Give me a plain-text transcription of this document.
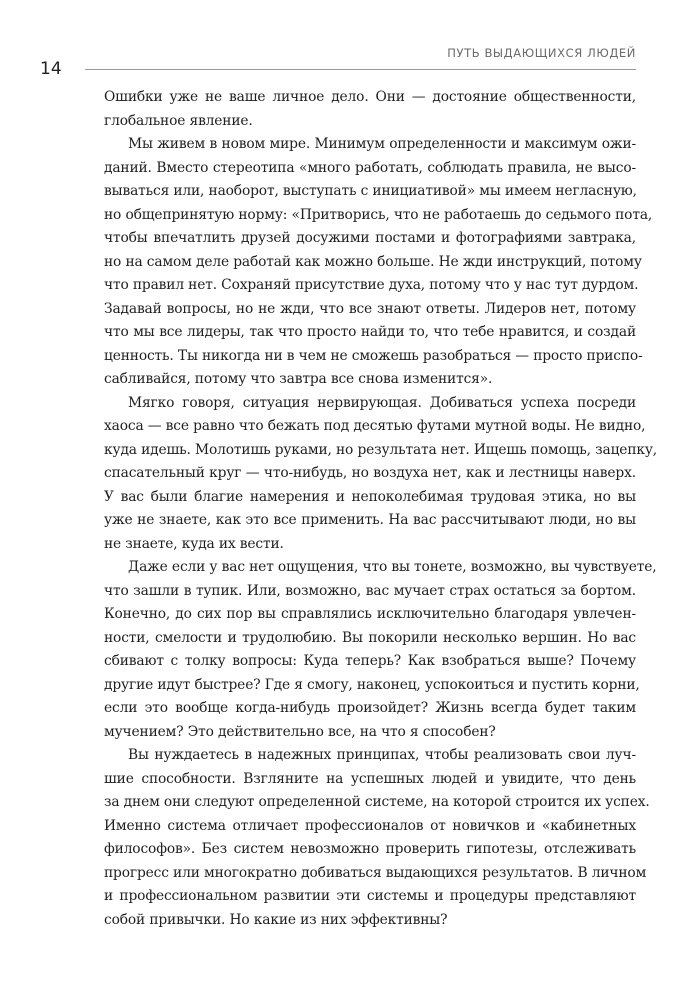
14
ПУТЬ ВЫДАЮЩИХСЯ ЛЮДЕЙ
Ошибки уже не ваше личное дело. Они — достояние общественности,
глобальное явление.
Мы живем в новом мире. Минимум определенности и максимум ожи-
даний. Вместо стереотипа «много работать, соблюдать правила, не высо-
вываться или, наоборот, выступать с инициативой» мы имеем негласную,
но общепринятую норму: «Притворись, что не работаешь до седьмого пота,
чтобы впечатлить друзей досужими постами и фотографиями завтрака,
но на самом деле работай как можно больше. Не жди инструкций, потому
что правил нет. Сохраняй присутствие духа, потому что у нас тут дурдом.
Задавай вопросы, но не жди, что все знают ответы. Лидеров нет, потому
что мы все лидеры, так что просто найди то, что тебе нравится, и создай
ценность. Ты никогда ни в чем не сможешь разобраться — просто приспо-
сабливайся, потому что завтра все снова изменится».
Мягко говоря, ситуация нервирующая. Добиваться успеха посреди
хаоса — все равно что бежать под десятью футами мутной воды. Не видно,
куда идешь. Молотишь руками, но результата нет. Ищешь помощь, зацепку,
спасательный круг — что-нибудь, но воздуха нет, как и лестницы наверх.
У вас были благие намерения и непоколебимая трудовая этика, но вы
уже не знаете, как это все применить. На вас рассчитывают люди, но вы
не знаете, куда их вести.
Даже если у вас нет ощущения, что вы тонете, возможно, вы чувствуете,
что зашли в тупик. Или, возможно, вас мучает страх остаться за бортом.
Конечно, до сих пор вы справлялись исключительно благодаря увлечен-
ности, смелости и трудолюбию. Вы покорили несколько вершин. Но вас
сбивают с толку вопросы: Куда теперь? Как взобраться выше? Почему
другие идут быстрее? Где я смогу, наконец, успокоиться и пустить корни,
если это вообще когда-нибудь произойдет? Жизнь всегда будет таким
мучением? Это действительно все, на что я способен?
Вы нуждаетесь в надежных принципах, чтобы реализовать свои луч-
шие способности. Взгляните на успешных людей и увидите, что день
за днем они следуют определенной системе, на которой строится их успех.
Именно система отличает профессионалов от новичков и «кабинетных
философов». Без систем невозможно проверить гипотезы, отслеживать
прогресс или многократно добиваться выдающихся результатов. В личном
и профессиональном развитии эти системы и процедуры представляют
собой привычки. Но какие из них эффективны?
